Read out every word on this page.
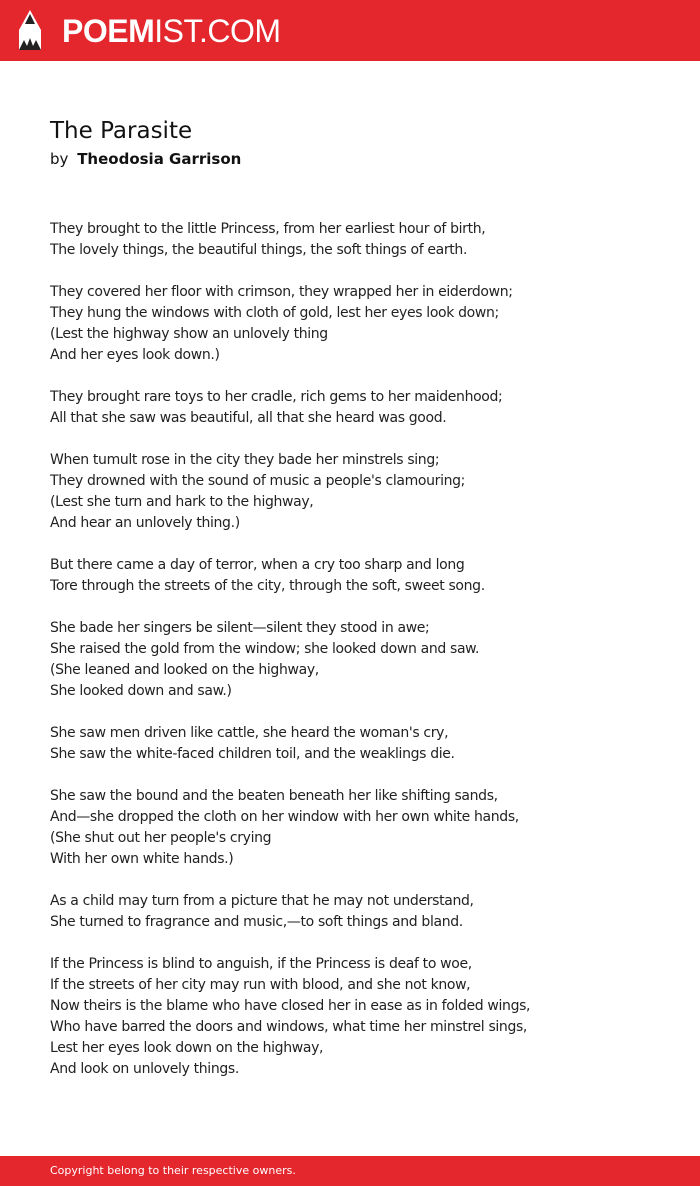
POEMIST.COM
The Parasite
by Theodosia Garrison
They brought to the little Princess, from her earliest hour of birth,
The lovely things, the beautiful things, the soft things of earth.
They covered her floor with crimson, they wrapped her in eiderdown;
They hung the windows with cloth of gold, lest her eyes look down;
(Lest the highway show an unlovely thing
And her eyes look down.)
They brought rare toys to her cradle, rich gems to her maidenhood;
All that she saw was beautiful, all that she heard was good.
When tumult rose in the city they bade her minstrels sing;
They drowned with the sound of music a people's clamouring;
(Lest she turn and hark to the highway,
And hear an unlovely thing.)
But there came a day of terror, when a cry too sharp and long
Tore through the streets of the city, through the soft, sweet song.
She bade her singers be silent—silent they stood in awe;
She raised the gold from the window; she looked down and saw.
(She leaned and looked on the highway,
She looked down and saw.)
She saw men driven like cattle, she heard the woman's cry,
She saw the white-faced children toil, and the weaklings die.
She saw the bound and the beaten beneath her like shifting sands,
And—she dropped the cloth on her window with her own white hands,
(She shut out her people's crying
With her own white hands.)
As a child may turn from a picture that he may not understand,
She turned to fragrance and music,—to soft things and bland.
If the Princess is blind to anguish, if the Princess is deaf to woe,
If the streets of her city may run with blood, and she not know,
Now theirs is the blame who have closed her in ease as in folded wings,
Who have barred the doors and windows, what time her minstrel sings,
Lest her eyes look down on the highway,
And look on unlovely things.
Copyright belong to their respective owners.
